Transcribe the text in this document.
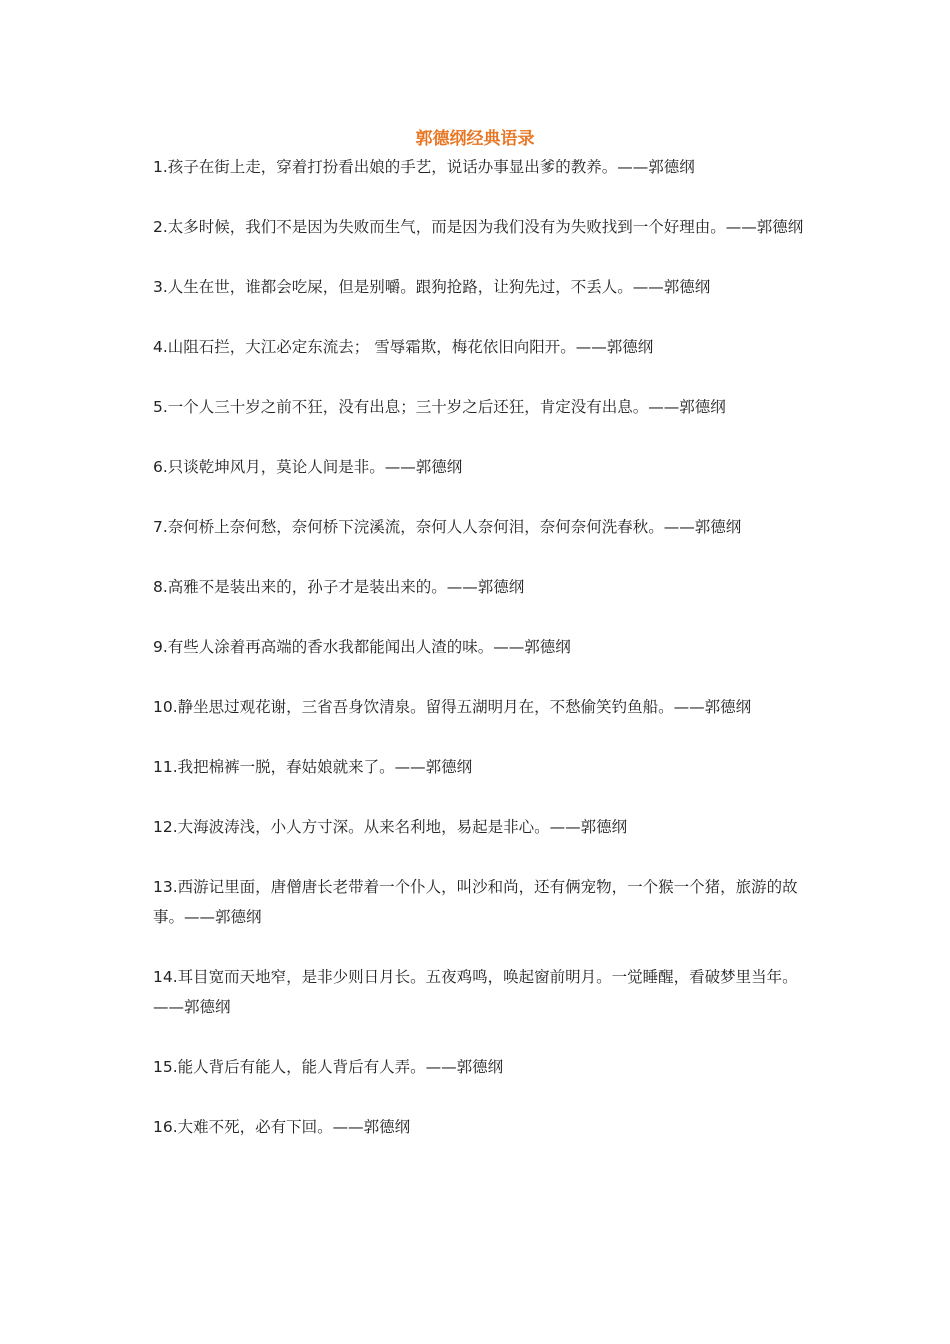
郭德纲经典语录
1.孩子在街上走，穿着打扮看出娘的手艺，说话办事显出爹的教养。——郭德纲
2.太多时候，我们不是因为失败而生气，而是因为我们没有为失败找到一个好理由。——郭德纲
3.人生在世，谁都会吃屎，但是别嚼。跟狗抢路，让狗先过，不丢人。——郭德纲
4.山阻石拦，大江必定东流去； 雪辱霜欺，梅花依旧向阳开。——郭德纲
5.一个人三十岁之前不狂，没有出息；三十岁之后还狂，肯定没有出息。——郭德纲
6.只谈乾坤风月，莫论人间是非。——郭德纲
7.奈何桥上奈何愁，奈何桥下浣溪流，奈何人人奈何泪，奈何奈何洗春秋。——郭德纲
8.高雅不是装出来的，孙子才是装出来的。——郭德纲
9.有些人涂着再高端的香水我都能闻出人渣的味。——郭德纲
10.静坐思过观花谢，三省吾身饮清泉。留得五湖明月在，不愁偷笑钓鱼船。——郭德纲
11.我把棉裤一脱，春姑娘就来了。——郭德纲
12.大海波涛浅，小人方寸深。从来名利地，易起是非心。——郭德纲
13.西游记里面，唐僧唐长老带着一个仆人，叫沙和尚，还有俩宠物，一个猴一个猪，旅游的故事。——郭德纲
14.耳目宽而天地窄，是非少则日月长。五夜鸡鸣，唤起窗前明月。一觉睡醒，看破梦里当年。——郭德纲
15.能人背后有能人，能人背后有人弄。——郭德纲
16.大难不死，必有下回。——郭德纲
